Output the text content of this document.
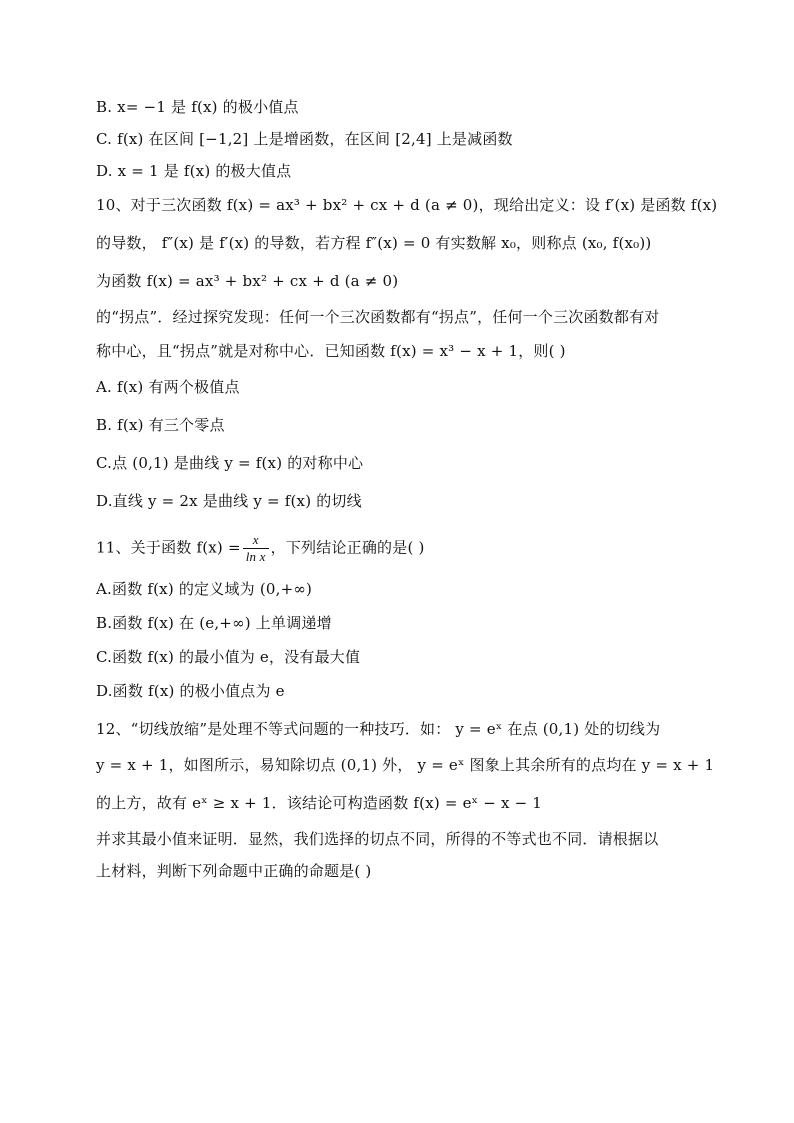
B. x= −1 是 f(x) 的极小值点
C. f(x) 在区间 [−1,2] 上是增函数，在区间 [2,4] 上是减函数
D. x = 1 是 f(x) 的极大值点
10、对于三次函数 f(x) = ax³ + bx² + cx + d (a ≠ 0)，现给出定义：设 f′(x) 是函数 f(x)
的导数， f″(x) 是 f′(x) 的导数，若方程 f″(x) = 0 有实数解 x₀，则称点 (x₀, f(x₀))
为函数 f(x) = ax³ + bx² + cx + d (a ≠ 0)
的“拐点”．经过探究发现：任何一个三次函数都有“拐点”，任何一个三次函数都有对
称中心，且“拐点”就是对称中心．已知函数 f(x) = x³ − x + 1，则( )
A. f(x) 有两个极值点
B. f(x) 有三个零点
C.点 (0,1) 是曲线 y = f(x) 的对称中心
D.直线 y = 2x 是曲线 y = f(x) 的切线
11、关于函数 $f(x) = \frac{x}{\text{ln x}}$ ，下列结论正确的是( )
A.函数 f(x) 的定义域为 (0,+∞)
B.函数 f(x) 在 (e,+∞) 上单调递增
C.函数 f(x) 的最小值为 e，没有最大值
D.函数 f(x) 的极小值点为 e
12、“切线放缩”是处理不等式问题的一种技巧．如： y = eˣ 在点 (0,1) 处的切线为
y = x + 1，如图所示，易知除切点 (0,1) 外， y = eˣ 图象上其余所有的点均在 y = x + 1
的上方，故有 eˣ ≥ x + 1．该结论可构造函数 f(x) = eˣ − x − 1
并求其最小值来证明．显然，我们选择的切点不同，所得的不等式也不同．请根据以
上材料，判断下列命题中正确的命题是( )
